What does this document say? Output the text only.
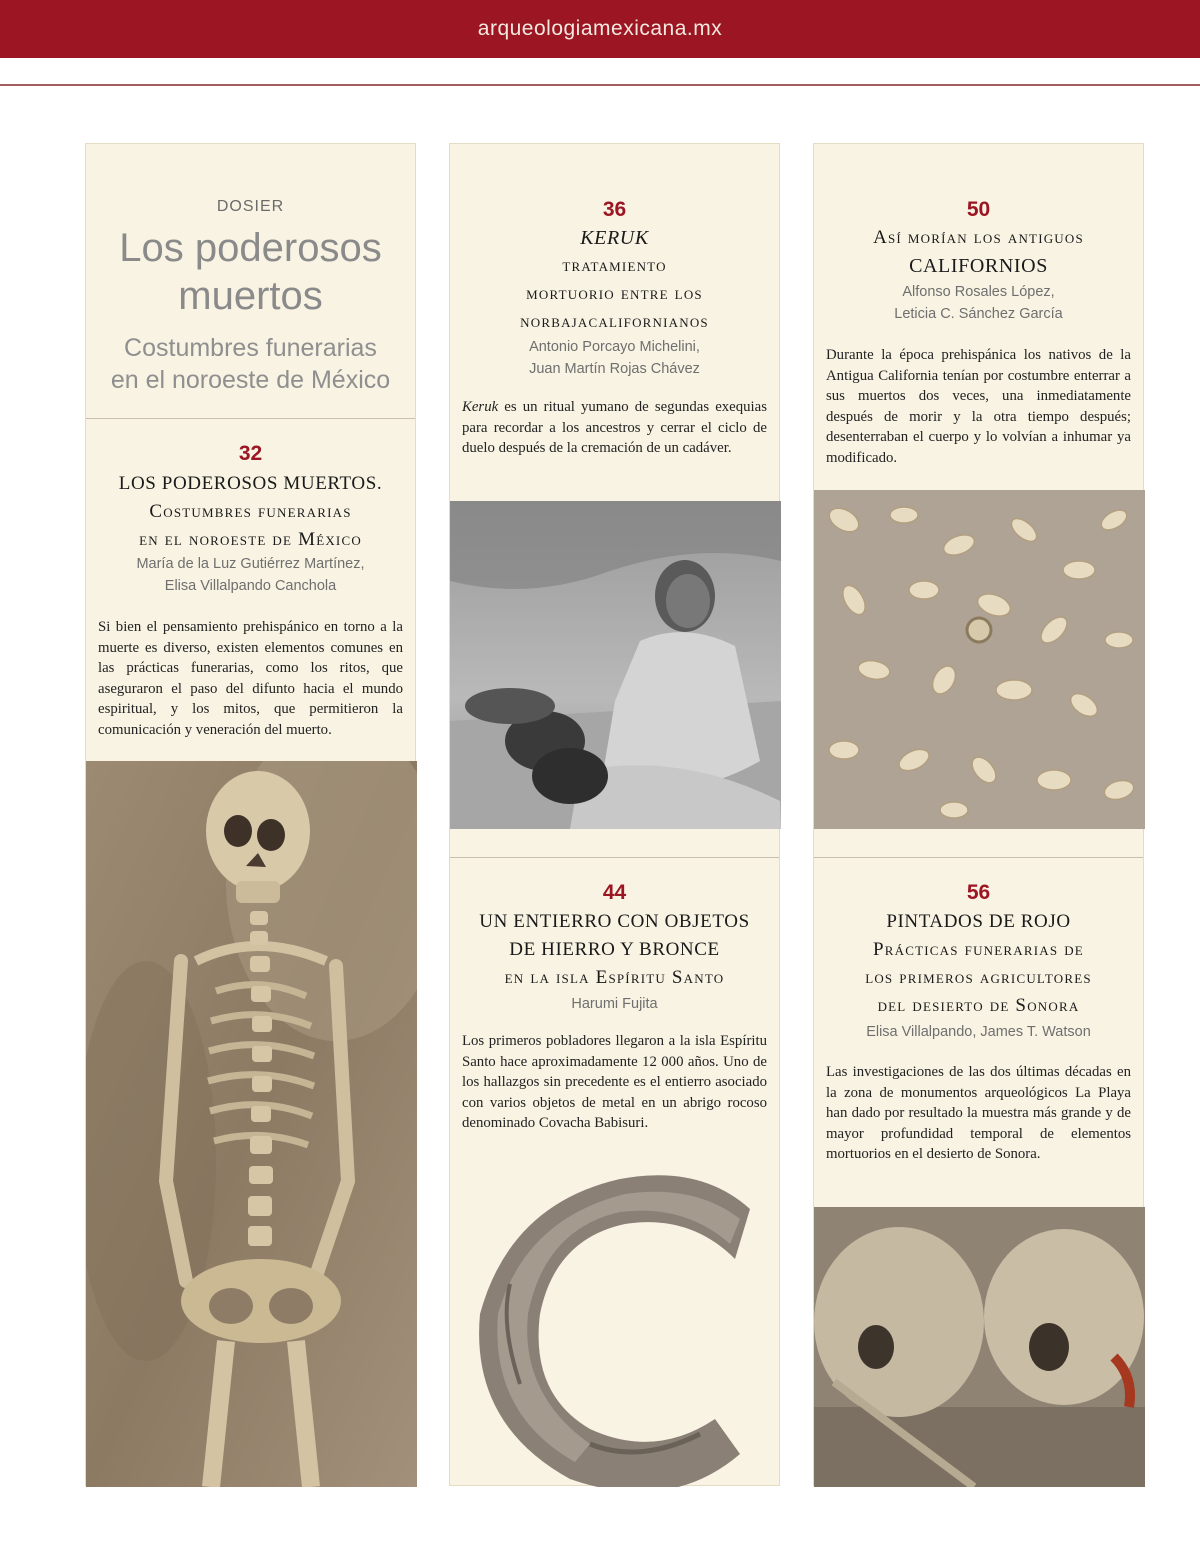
arqueologiamexicana.mx
DOSIER
Los poderosos
muertos
Costumbres funerarias
en el noroeste de México
32
LOS PODEROSOS MUERTOS.
Costumbres funerarias
en el noroeste de México
María de la Luz Gutiérrez Martínez,
Elisa Villalpando Canchola
Si bien el pensamiento prehispánico en torno a la muerte es diverso, existen elementos comunes en las prácticas funerarias, como los ritos, que aseguraron el paso del difunto hacia el mundo espiritual, y los mitos, que permitieron la comunicación y veneración del muerto.
36
KERUK
tratamiento
mortuorio entre los
norbajacalifornianos
Antonio Porcayo Michelini,
Juan Martín Rojas Chávez
Keruk es un ritual yumano de segundas exequias para recordar a los ancestros y cerrar el ciclo de duelo después de la cremación de un cadáver.
44
UN ENTIERRO CON OBJETOS
DE HIERRO Y BRONCE
en la isla Espíritu Santo
Harumi Fujita
Los primeros pobladores llegaron a la isla Espíritu Santo hace aproximadamente 12 000 años. Uno de los hallazgos sin precedente es el entierro asociado con varios objetos de metal en un abrigo rocoso denominado Covacha Babisuri.
50
Así morían los antiguos
CALIFORNIOS
Alfonso Rosales López,
Leticia C. Sánchez García
Durante la época prehispánica los nativos de la Antigua California tenían por costumbre enterrar a sus muertos dos veces, una inmediatamente después de morir y la otra tiempo después; desenterraban el cuerpo y lo volvían a inhumar ya modificado.
56
PINTADOS DE ROJO
Prácticas funerarias de
los primeros agricultores
del desierto de Sonora
Elisa Villalpando, James T. Watson
Las investigaciones de las dos últimas décadas en la zona de monumentos arqueológicos La Playa han dado por resultado la muestra más grande y de mayor profundidad temporal de elementos mortuorios en el desierto de Sonora.
